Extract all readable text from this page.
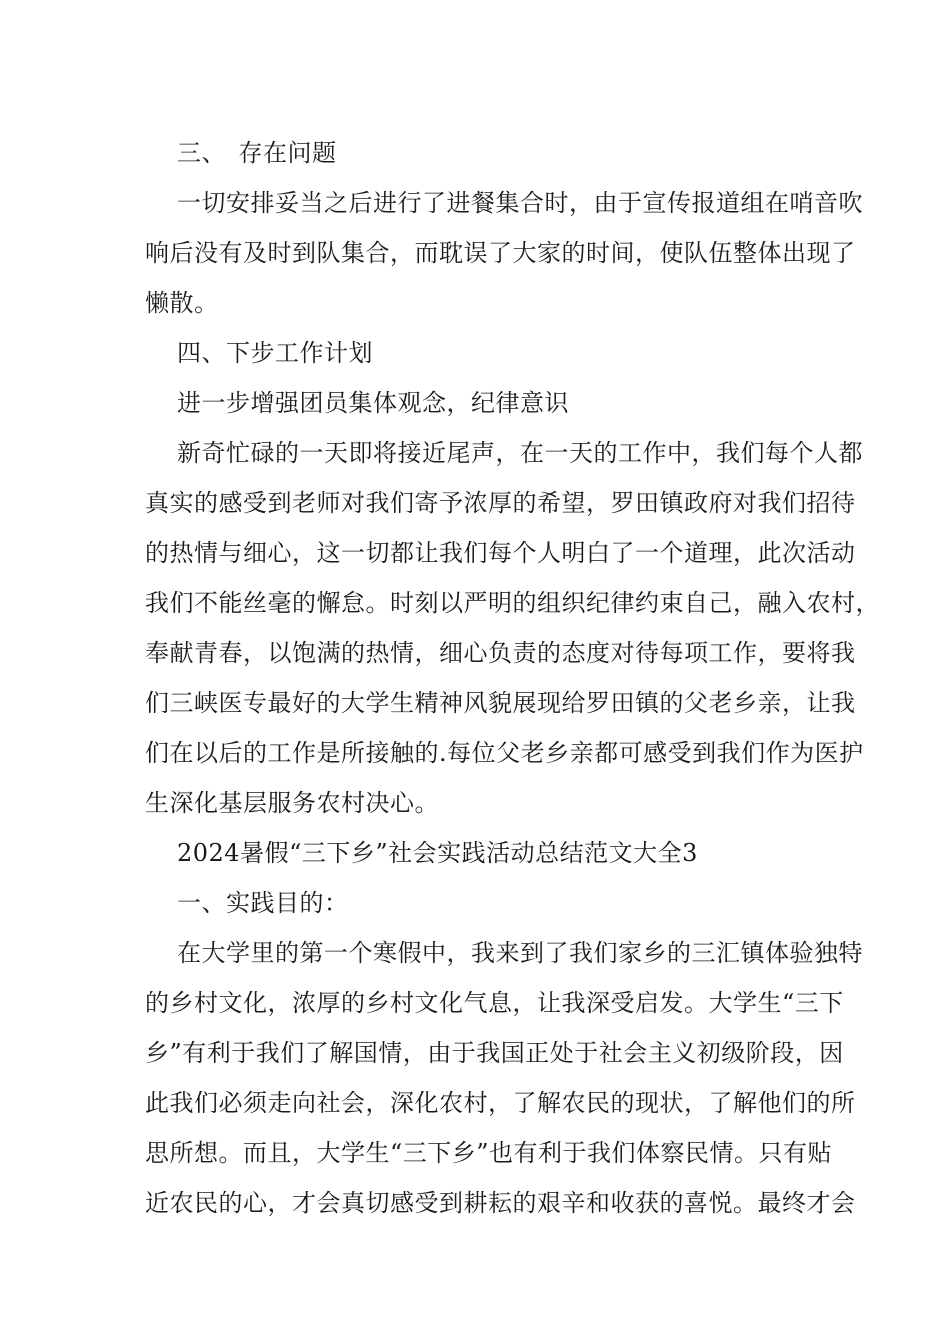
三、　存在问题
一切安排妥当之后进行了进餐集合时，由于宣传报道组在哨音吹
响后没有及时到队集合，而耽误了大家的时间，使队伍整体出现了
懒散。
四、下步工作计划
进一步增强团员集体观念，纪律意识
新奇忙碌的一天即将接近尾声，在一天的工作中，我们每个人都
真实的感受到老师对我们寄予浓厚的希望，罗田镇政府对我们招待
的热情与细心，这一切都让我们每个人明白了一个道理，此次活动
我们不能丝毫的懈怠。时刻以严明的组织纪律约束自己，融入农村，
奉献青春，以饱满的热情，细心负责的态度对待每项工作，要将我
们三峡医专最好的大学生精神风貌展现给罗田镇的父老乡亲，让我
们在以后的工作是所接触的.每位父老乡亲都可感受到我们作为医护
生深化基层服务农村决心。
2024暑假“三下乡”社会实践活动总结范文大全3
一、实践目的：
在大学里的第一个寒假中，我来到了我们家乡的三汇镇体验独特
的乡村文化，浓厚的乡村文化气息，让我深受启发。大学生“三下
乡”有利于我们了解国情，由于我国正处于社会主义初级阶段，因
此我们必须走向社会，深化农村，了解农民的现状，了解他们的所
思所想。而且，大学生“三下乡”也有利于我们体察民情。只有贴
近农民的心，才会真切感受到耕耘的艰辛和收获的喜悦。最终才会
